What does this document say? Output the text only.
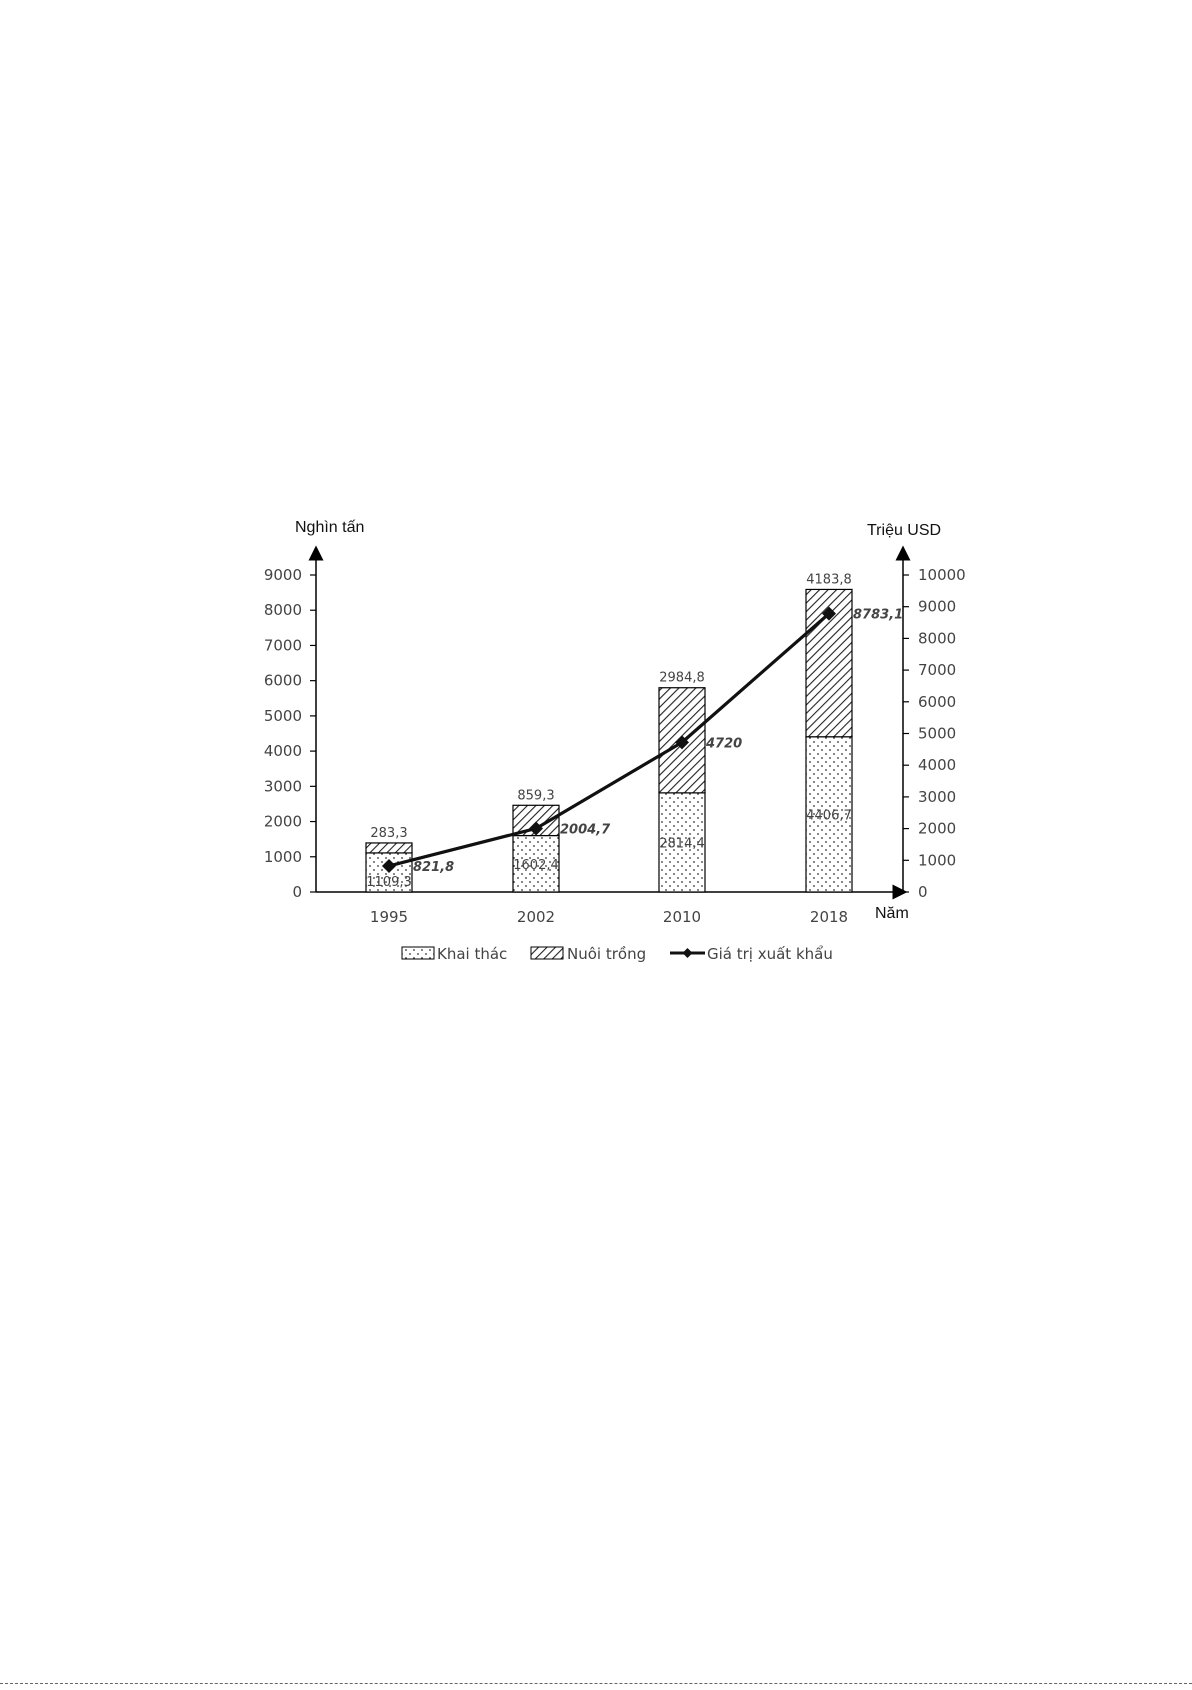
Nghìn tấn	Triệu USD
Năm
0
1000
2000
3000
4000
5000
6000
7000
8000
9000
0
1000
2000
3000
4000
5000
6000
7000
8000
9000
10000
1995	2002	2010	2018
1109,3
283,3
1602,4
859,3
2814,4
2984,8
4406,7
4183,8
821,8
2004,7
4720
8783,1
Khai thác	Nuôi trồng	Giá trị xuất khẩu
